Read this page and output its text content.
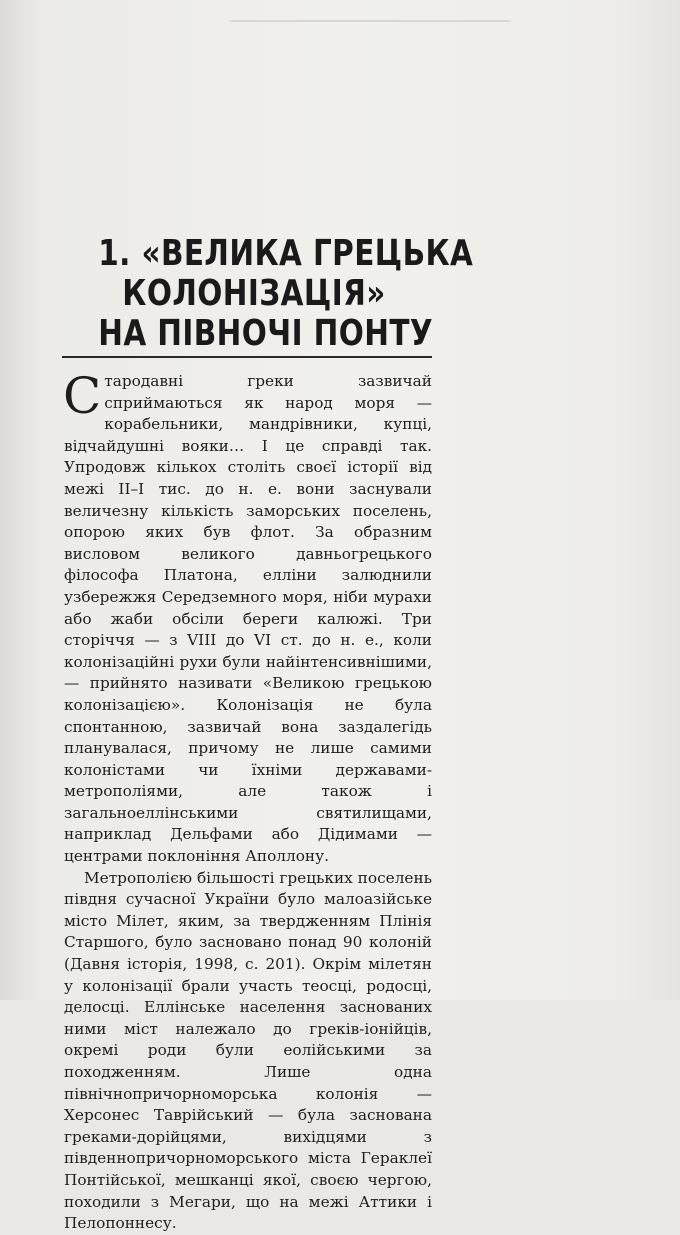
1. «ВЕЛИКА ГРЕЦЬКА
КОЛОНІЗАЦІЯ»
НА ПІВНОЧІ ПОНТУ

Стародавні греки зазвичай сприймаються як народ моря — корабельники, мандрівники, купці, відчайдушні вояки… І це справді так. Упродовж кількох століть своєї історії від межі ІІ–І тис. до н. е. вони заснували величезну кількість заморських поселень, опорою яких був флот. За образним висловом великого давньогрецького філософа Платона, елліни залюднили узбережжя Середземного моря, ніби мурахи або жаби обсіли береги калюжі. Три сторіччя — з VIII до VI ст. до н. е., коли колонізаційні рухи були найінтенсивнішими, — прийнято називати «Великою грецькою колонізацією». Колонізація не була спонтанною, зазвичай вона заздалегідь планувалася, причому не лише самими колоністами чи їхніми державами-метрополіями, але також і загальноеллінськими святилищами, наприклад Дельфами або Дідимами — центрами поклоніння Аполлону.

Метрополією більшості грецьких поселень півдня сучасної України було малоазійське місто Мілет, яким, за твердженням Плінія Старшого, було засновано понад 90 колоній (Давня історія, 1998, с. 201). Окрім мілетян у колонізації брали участь теосці, родосці, делосці. Еллінське населення заснованих ними міст належало до греків-іонійців, окремі роди були еолійськими за походженням. Лише одна північнопричорноморська колонія — Херсонес Таврійський — була заснована греками-дорійцями, вихідцями з південнопричорноморського міста Гераклеї Понтійської, мешканці якої, своєю чергою, походили з Мегари, що на межі Аттики і Пелопоннесу.
